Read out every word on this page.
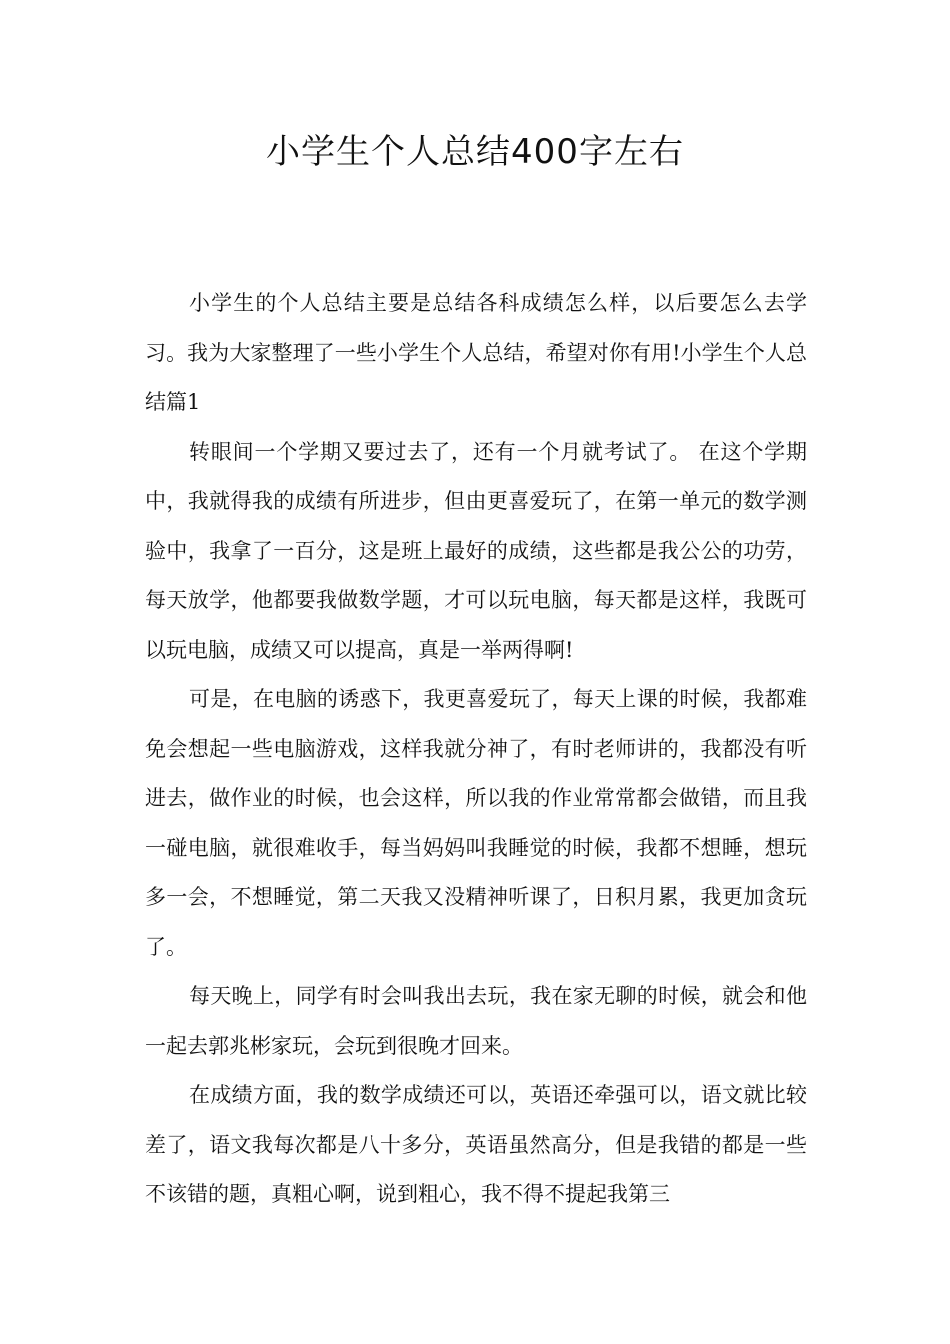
小学生个人总结400字左右

小学生的个人总结主要是总结各科成绩怎么样，以后要怎么去学习。我为大家整理了一些小学生个人总结，希望对你有用!小学生个人总结篇1

转眼间一个学期又要过去了，还有一个月就考试了。 在这个学期中，我就得我的成绩有所进步，但由更喜爱玩了，在第一单元的数学测验中，我拿了一百分，这是班上最好的成绩，这些都是我公公的功劳，每天放学，他都要我做数学题，才可以玩电脑，每天都是这样，我既可以玩电脑，成绩又可以提高，真是一举两得啊!

可是，在电脑的诱惑下，我更喜爱玩了，每天上课的时候，我都难免会想起一些电脑游戏，这样我就分神了，有时老师讲的，我都没有听进去，做作业的时候，也会这样，所以我的作业常常都会做错，而且我一碰电脑，就很难收手，每当妈妈叫我睡觉的时候，我都不想睡，想玩多一会，不想睡觉，第二天我又没精神听课了，日积月累，我更加贪玩了。

每天晚上，同学有时会叫我出去玩，我在家无聊的时候，就会和他一起去郭兆彬家玩，会玩到很晚才回来。

在成绩方面，我的数学成绩还可以，英语还牵强可以，语文就比较差了，语文我每次都是八十多分，英语虽然高分，但是我错的都是一些不该错的题，真粗心啊，说到粗心，我不得不提起我第三
